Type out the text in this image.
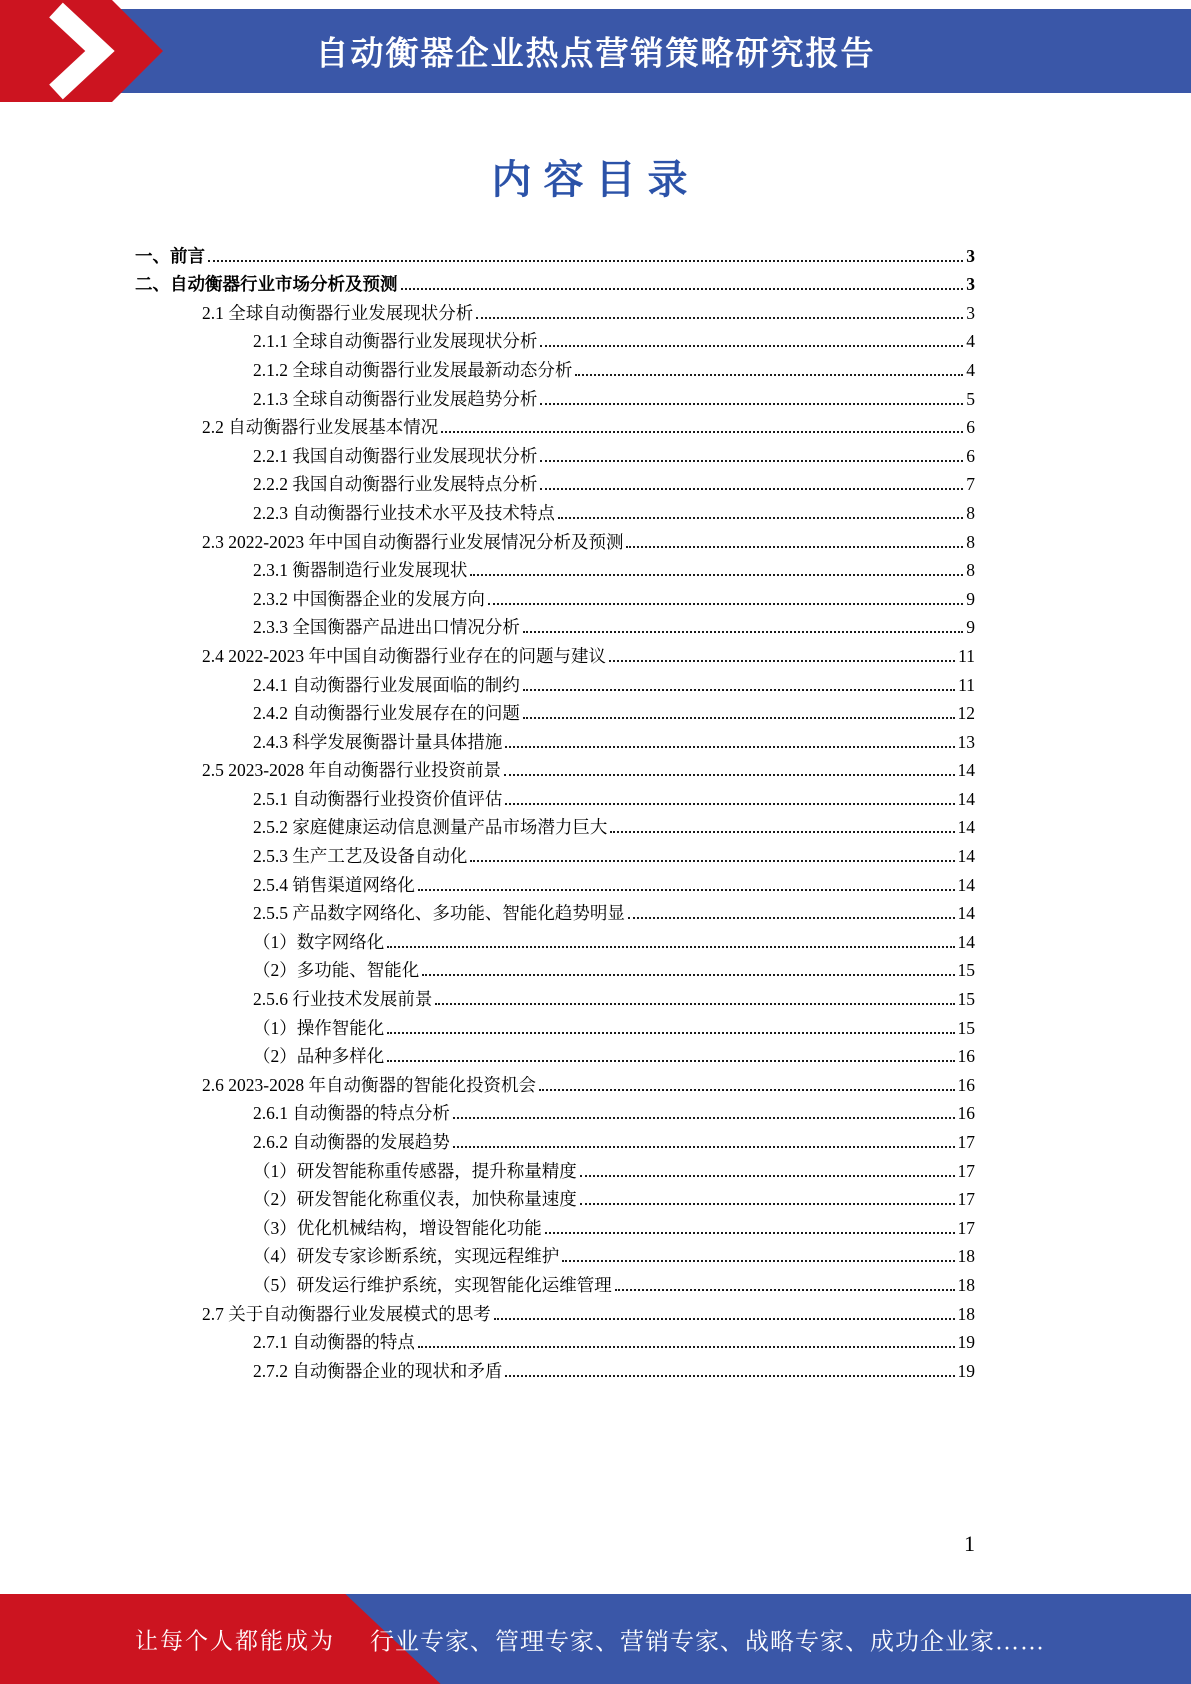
自动衡器企业热点营销策略研究报告
内容目录
一、前言	3
二、自动衡器行业市场分析及预测	3
2.1 全球自动衡器行业发展现状分析	3
2.1.1 全球自动衡器行业发展现状分析	4
2.1.2 全球自动衡器行业发展最新动态分析	4
2.1.3 全球自动衡器行业发展趋势分析	5
2.2 自动衡器行业发展基本情况	6
2.2.1 我国自动衡器行业发展现状分析	6
2.2.2 我国自动衡器行业发展特点分析	7
2.2.3 自动衡器行业技术水平及技术特点	8
2.3 2022-2023 年中国自动衡器行业发展情况分析及预测	8
2.3.1 衡器制造行业发展现状	8
2.3.2 中国衡器企业的发展方向	9
2.3.3 全国衡器产品进出口情况分析	9
2.4 2022-2023 年中国自动衡器行业存在的问题与建议	11
2.4.1 自动衡器行业发展面临的制约	11
2.4.2 自动衡器行业发展存在的问题	12
2.4.3 科学发展衡器计量具体措施	13
2.5 2023-2028 年自动衡器行业投资前景	14
2.5.1 自动衡器行业投资价值评估	14
2.5.2 家庭健康运动信息测量产品市场潜力巨大	14
2.5.3 生产工艺及设备自动化	14
2.5.4 销售渠道网络化	14
2.5.5 产品数字网络化、多功能、智能化趋势明显	14
（1）数字网络化	14
（2）多功能、智能化	15
2.5.6 行业技术发展前景	15
（1）操作智能化	15
（2）品种多样化	16
2.6 2023-2028 年自动衡器的智能化投资机会	16
2.6.1 自动衡器的特点分析	16
2.6.2 自动衡器的发展趋势	17
（1）研发智能称重传感器，提升称量精度	17
（2）研发智能化称重仪表，加快称量速度	17
（3）优化机械结构，增设智能化功能	17
（4）研发专家诊断系统，实现远程维护	18
（5）研发运行维护系统，实现智能化运维管理	18
2.7 关于自动衡器行业发展模式的思考	18
2.7.1 自动衡器的特点	19
2.7.2 自动衡器企业的现状和矛盾	19
1
让每个人都能成为 行业专家、管理专家、营销专家、战略专家、成功企业家……
